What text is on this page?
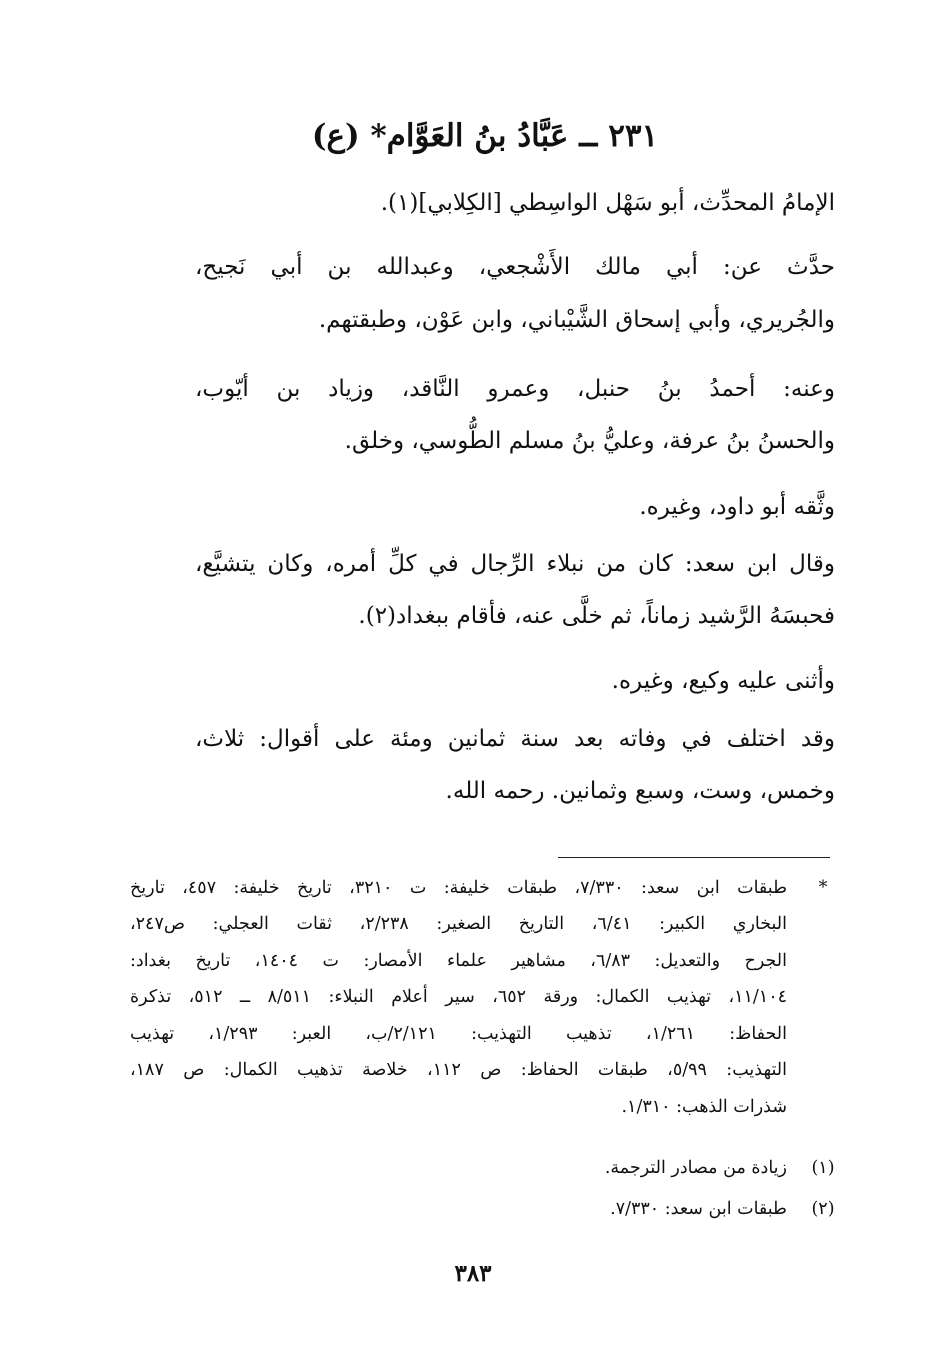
٢٣١ ــ عَبَّادُ بنُ العَوَّام* (ع)
الإمامُ المحدِّث، أبو سَهْل الواسِطي [الكِلابي](١).
حدَّث عن: أبي مالك الأَشْجعي، وعبدالله بن أبي نَجيح،
والجُريري، وأبي إسحاق الشَّيْباني، وابن عَوْن، وطبقتهم.
وعنه: أحمدُ بنُ حنبل، وعمرو النَّاقد، وزياد بن أيّوب،
والحسنُ بنُ عرفة، وعليُّ بنُ مسلم الطُّوسي، وخلق.
وثَّقه أبو داود، وغيره.
وقال ابن سعد: كان من نبلاء الرِّجال في كلِّ أمره، وكان يتشيَّع،
فحبسَهُ الرَّشيد زماناً، ثم خلَّى عنه، فأقام ببغداد(٢).
وأثنى عليه وكيع، وغيره.
وقد اختلف في وفاته بعد سنة ثمانين ومئة على أقوال: ثلاث،
وخمس، وست، وسبع وثمانين. رحمه الله.
*
طبقات ابن سعد: ٧/٣٣٠، طبقات خليفة: ت ٣٢١٠، تاريخ خليفة: ٤٥٧، تاريخ
البخاري الكبير: ٦/٤١، التاريخ الصغير: ٢/٢٣٨، ثقات العجلي: ص٢٤٧،
الجرح والتعديل: ٦/٨٣، مشاهير علماء الأمصار: ت ١٤٠٤، تاريخ بغداد:
١١/١٠٤، تهذيب الكمال: ورقة ٦٥٢، سير أعلام النبلاء: ٨/٥١١ ــ ٥١٢، تذكرة
الحفاظ: ١/٢٦١، تذهيب التهذيب: ٢/١٢١/ب، العبر: ١/٢٩٣، تهذيب
التهذيب: ٥/٩٩، طبقات الحفاظ: ص ١١٢، خلاصة تذهيب الكمال: ص ١٨٧،
شذرات الذهب: ١/٣١٠.
(١)
زيادة من مصادر الترجمة.
(٢)
طبقات ابن سعد: ٧/٣٣٠.
٣٨٣
